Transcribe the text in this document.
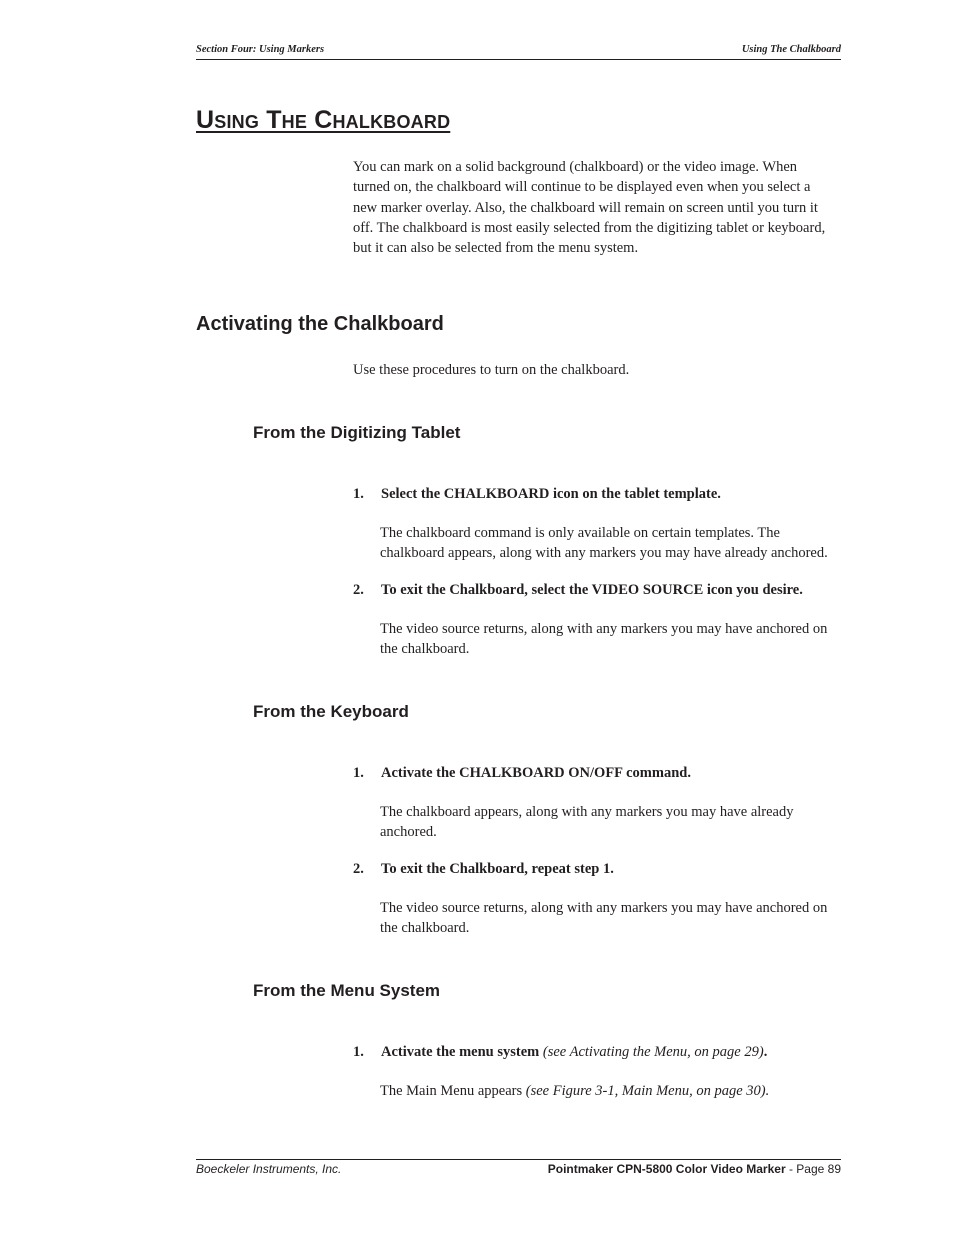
Section Four: Using Markers	Using The Chalkboard
Using The Chalkboard

You can mark on a solid background (chalkboard) or the video image. When turned on, the chalkboard will continue to be displayed even when you select a new marker overlay. Also, the chalkboard will remain on screen until you turn it off. The chalkboard is most easily selected from the digitizing tablet or keyboard, but it can also be selected from the menu system.

Activating the Chalkboard

Use these procedures to turn on the chalkboard.

From the Digitizing Tablet

1. Select the CHALKBOARD icon on the tablet template.

The chalkboard command is only available on certain templates. The chalkboard appears, along with any markers you may have already anchored.

2. To exit the Chalkboard, select the VIDEO SOURCE icon you desire.

The video source returns, along with any markers you may have anchored on the chalkboard.

From the Keyboard

1. Activate the CHALKBOARD ON/OFF command.

The chalkboard appears, along with any markers you may have already anchored.

2. To exit the Chalkboard, repeat step 1.

The video source returns, along with any markers you may have anchored on the chalkboard.

From the Menu System

1. Activate the menu system (see Activating the Menu, on page 29).

The Main Menu appears (see Figure 3-1, Main Menu, on page 30).

Boeckeler Instruments, Inc.	Pointmaker CPN-5800 Color Video Marker - Page 89
